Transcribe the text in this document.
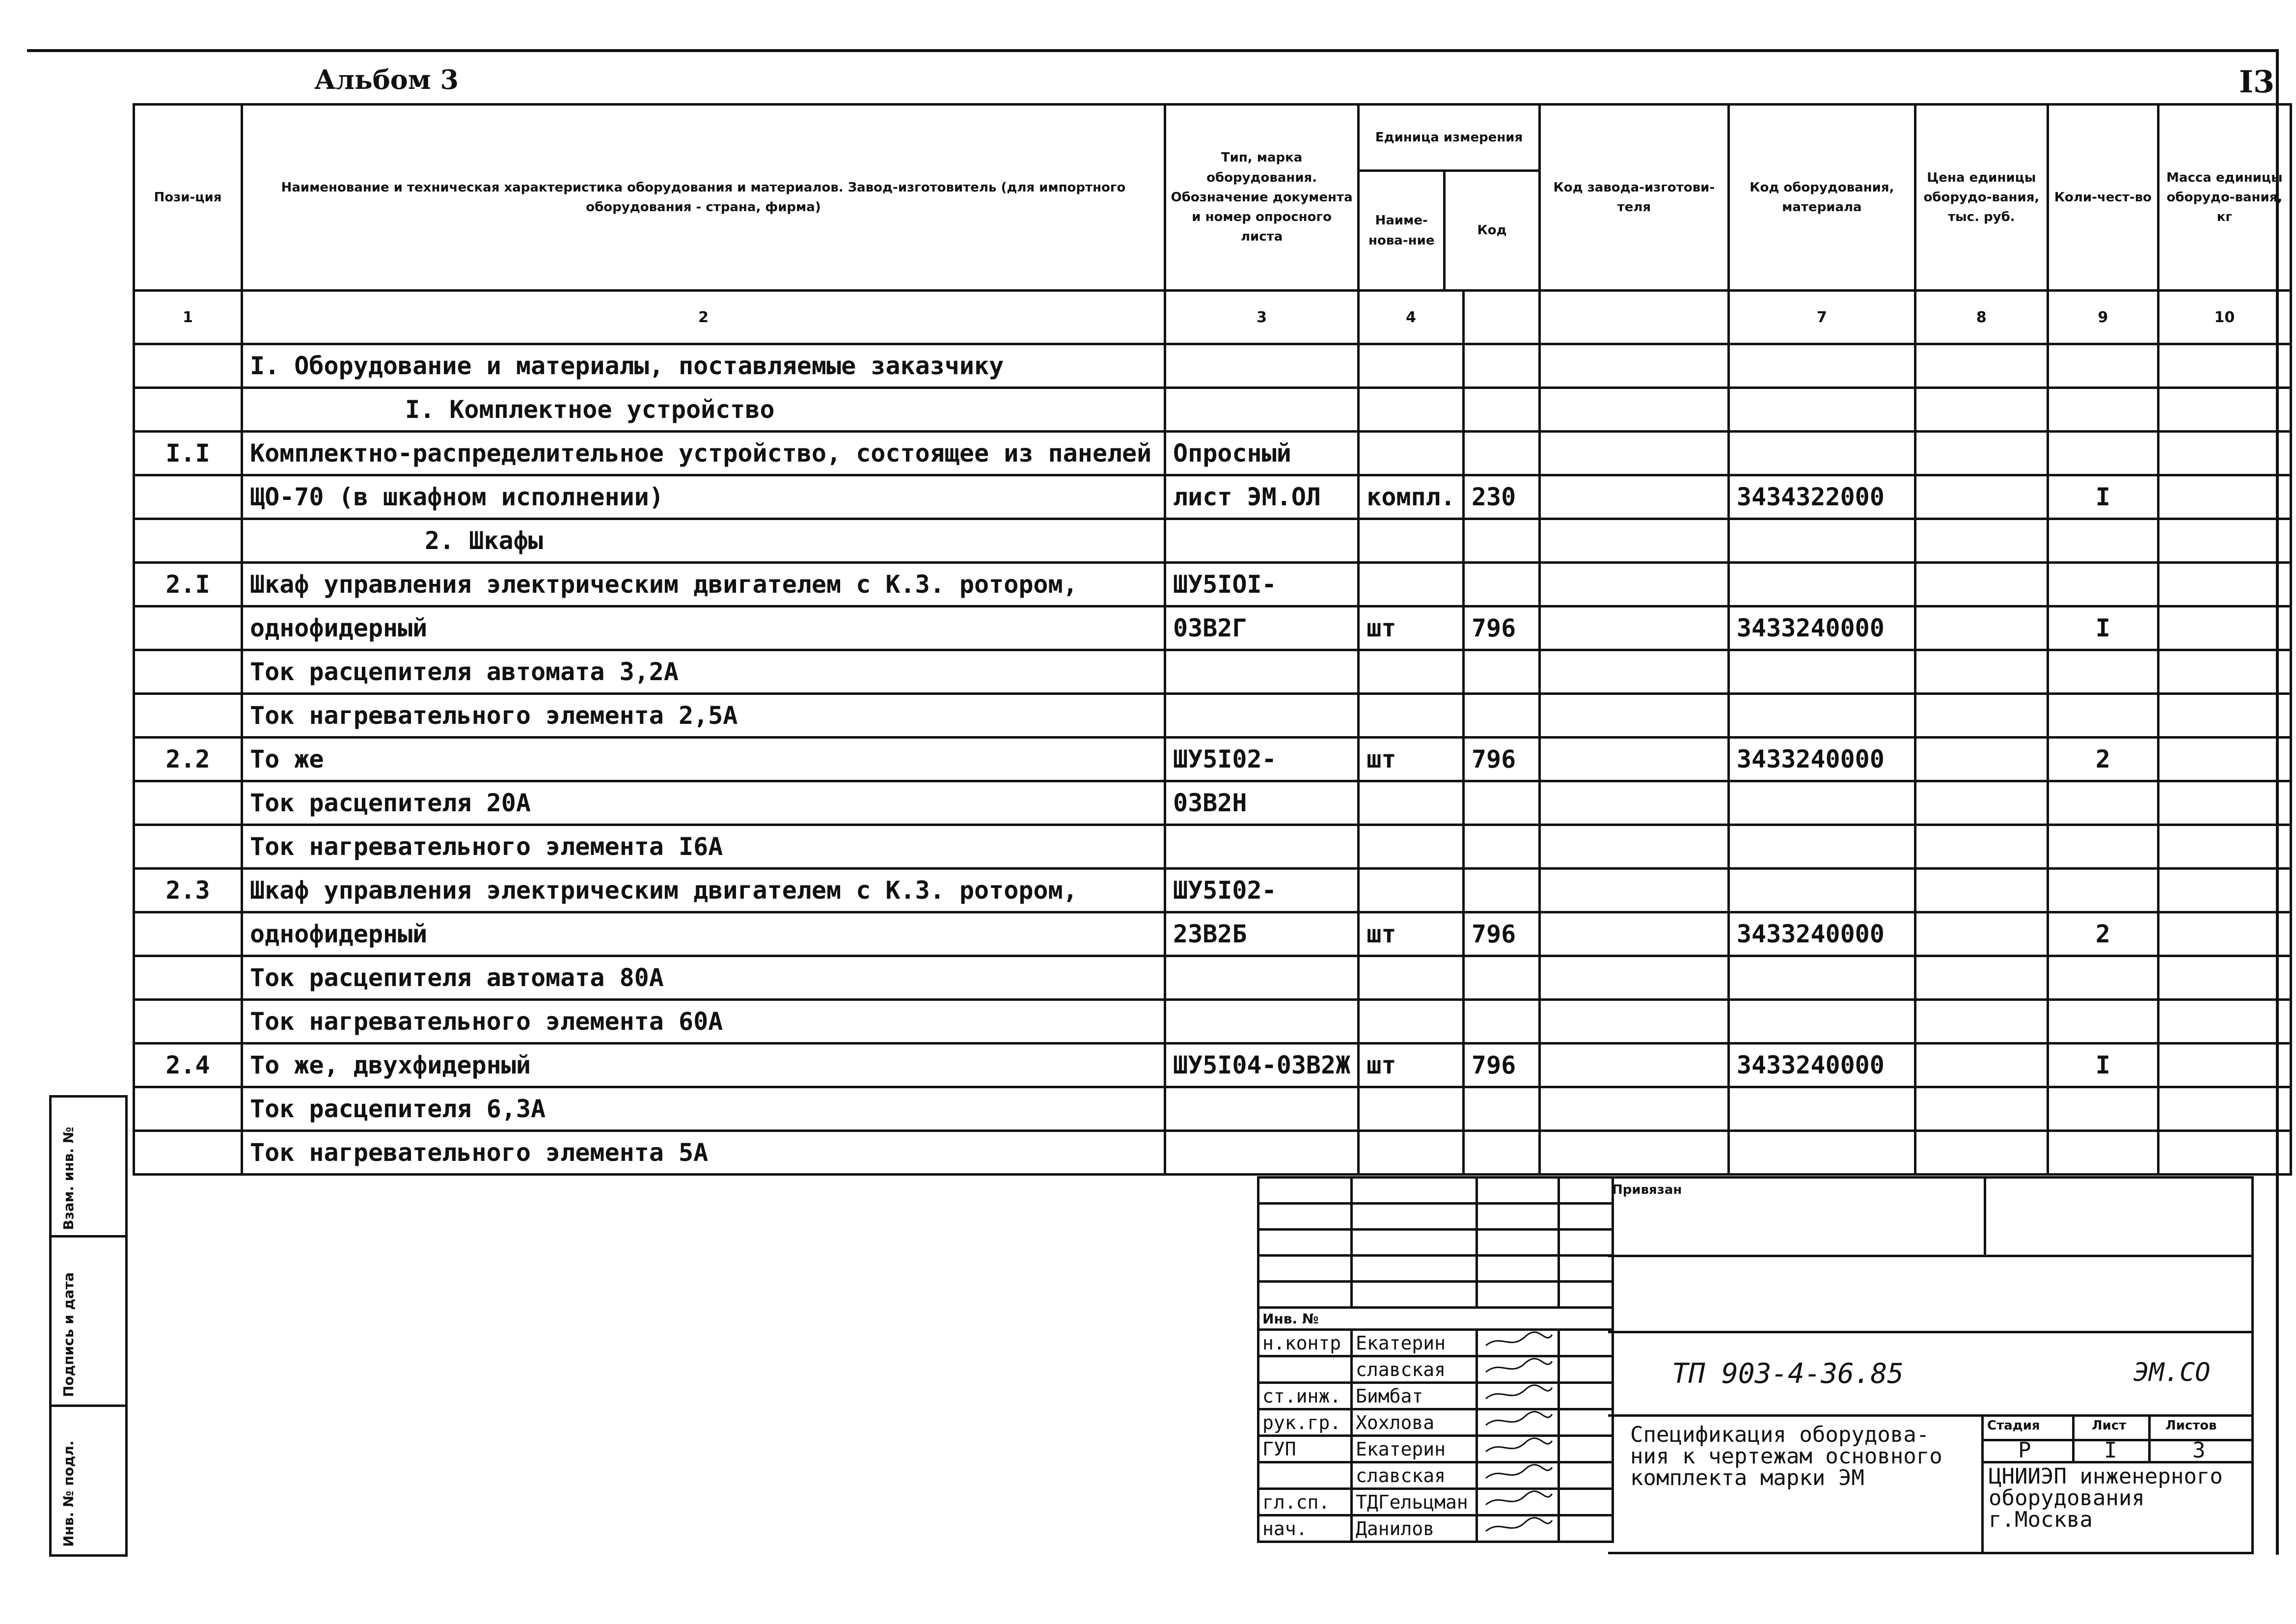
Альбом 3	I3
Пози-ция	Наименование и техническая характеристика оборудования и материалов. Завод-изготовитель (для импортного оборудования - страна, фирма)	Тип, марка оборудования. Обозначение документа и номер опросного листа	Единица измерения
Наиме-нова-ние
Код		Код завода-изготови-теля	Код оборудования, материала	Цена единицы оборудо-вания, тыс. руб.	Коли-чест-во	Масса единицы оборудо-вания, кг
1	2	3	4			7	8	9	10
	I. Оборудование и материалы, поставляемые заказчику								
	I. Комплектное устройство								
I.I	Комплектно-распределительное устройство, состоящее из панелей	Опросный							
	ЩО-70 (в шкафном исполнении)	лист ЭМ.ОЛ	компл.	230		3434322000		I	
	2. Шкафы								
2.I	Шкаф управления электрическим двигателем с К.З. ротором,	ШУ5IOI-							
	однофидерный	03B2Г	шт	796		3433240000		I	
	Ток расцепителя автомата 3,2А								
	Ток нагревательного элемента 2,5А								
2.2	То же	ШУ5I02-	шт	796		3433240000		2	
	Ток расцепителя 20А	03B2H							
	Ток нагревательного элемента I6А								
2.3	Шкаф управления электрическим двигателем с К.З. ротором,	ШУ5I02-							
	однофидерный	23B2Б	шт	796		3433240000		2	
	Ток расцепителя автомата 80А								
	Ток нагревательного элемента 60А								
2.4	То же, двухфидерный	ШУ5I04-03B2Ж	шт	796		3433240000		I	
	Ток расцепителя 6,3А								
	Ток нагревательного элемента 5А								
Взам. инв. №
Подпись и дата
Инв. № подл.

Инв. №			
н.контр	Екатерин		
	славская		
ст.инж.	Бимбат		
рук.гр.	Хохлова		
ГУП	Екатерин		
	славская		
гл.сп.	ТДГельцман		
нач.	Данилов		
Привязан
ТП 903-4-36.85	ЭМ.СО
Спецификация оборудова-
ния к чертежам основного
комплекта марки ЭМ
Стадия	Лист	Листов
Р	I	3
ЦНИИЭП инженерного
оборудования
г.Москва
